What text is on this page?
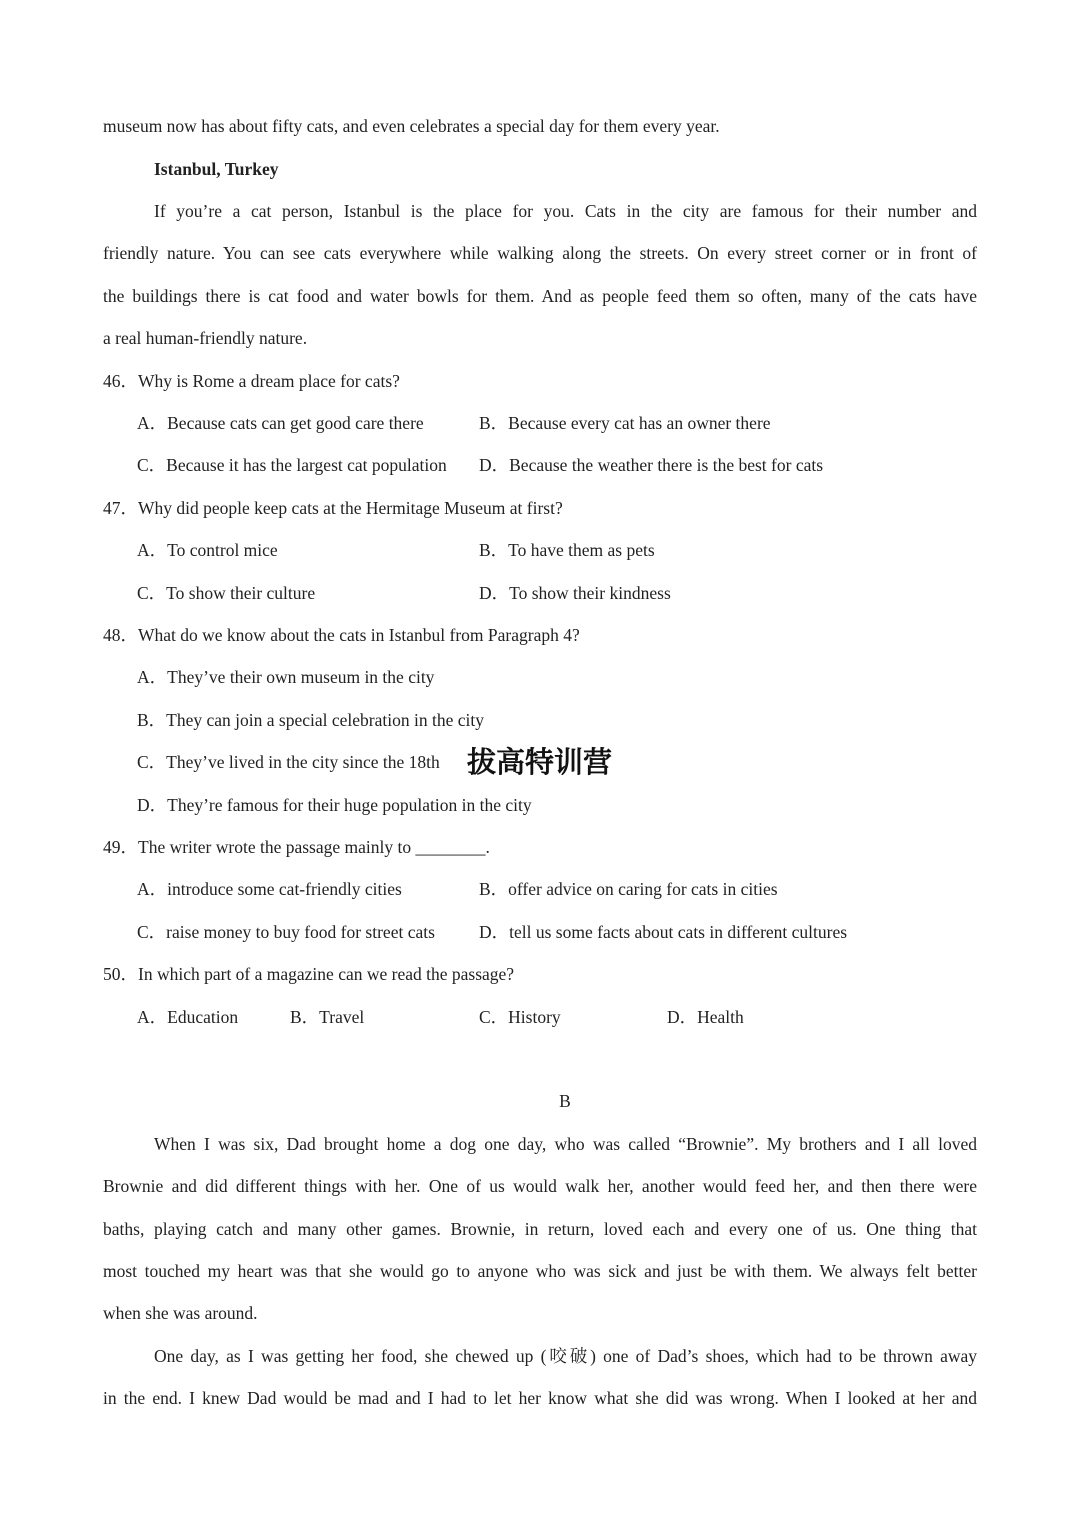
museum now has about fifty cats, and even celebrates a special day for them every year.
Istanbul, Turkey
If you’re a cat person, Istanbul is the place for you. Cats in the city are famous for their number and
friendly nature. You can see cats everywhere while walking along the streets. On every street corner or in front of
the buildings there is cat food and water bowls for them. And as people feed them so often, many of the cats have
a real human-friendly nature.
46．Why is Rome a dream place for cats?
A．Because cats can get good care there	B．Because every cat has an owner there
C．Because it has the largest cat population D．Because the weather there is the best for cats
47．Why did people keep cats at the Hermitage Museum at first?
A．To control mice	B．To have them as pets
C．To show their culture	D．To show their kindness
48．What do we know about the cats in Istanbul from Paragraph 4?
A．They’ve their own museum in the city
B．They can join a special celebration in the city
C．They’ve lived in the city since the 18th
D．They’re famous for their huge population in the city
拔高特训营
49．The writer wrote the passage mainly to ________.
A．introduce some cat-friendly cities	B．offer advice on caring for cats in cities
C．raise money to buy food for street cats	D．tell us some facts about cats in different cultures
50．In which part of a magazine can we read the passage?
A．Education	B．Travel	C．History	D．Health
B
When I was six, Dad brought home a dog one day, who was called “Brownie”. My brothers and I all loved
Brownie and did different things with her. One of us would walk her, another would feed her, and then there were
baths, playing catch and many other games. Brownie, in return, loved each and every one of us. One thing that
most touched my heart was that she would go to anyone who was sick and just be with them. We always felt better
when she was around.
One day, as I was getting her food, she chewed up (咬破) one of Dad’s shoes, which had to be thrown away
in the end. I knew Dad would be mad and I had to let her know what she did was wrong. When I looked at her and
